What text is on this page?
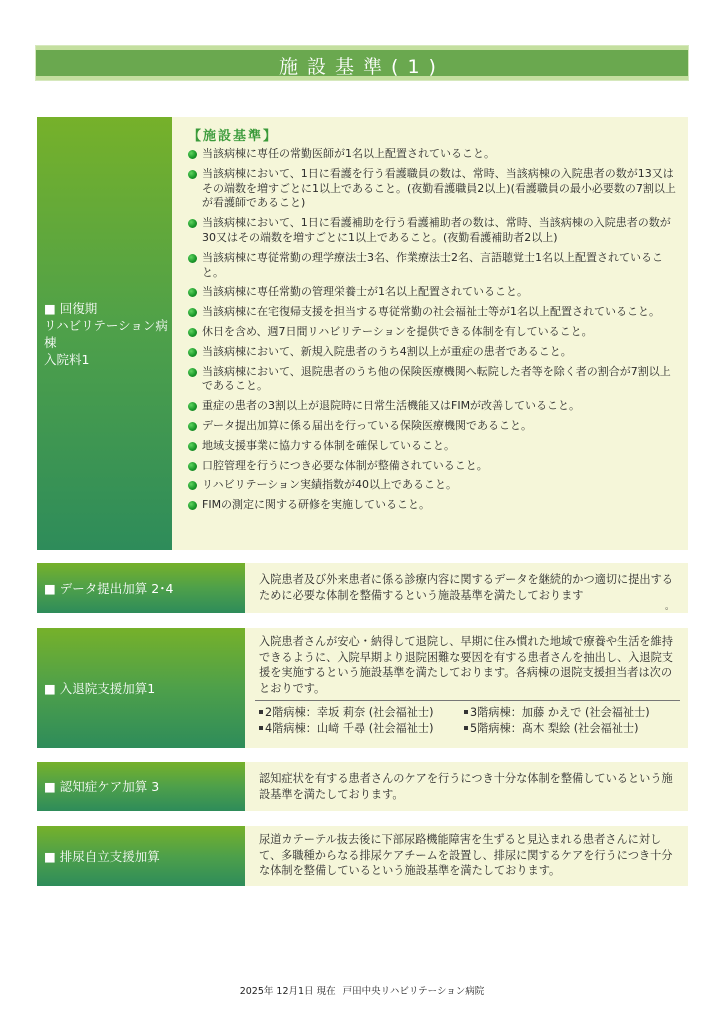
施設基準(1)
■ 回復期
リハビリテーション病棟
入院料1
【施設基準】
当該病棟に専任の常勤医師が1名以上配置されていること。
当該病棟において、1日に看護を行う看護職員の数は、常時、当該病棟の入院患者の数が13又はその端数を増すごとに1以上であること。(夜勤看護職員2以上)(看護職員の最小必要数の7割以上が看護師であること)
当該病棟において、1日に看護補助を行う看護補助者の数は、常時、当該病棟の入院患者の数が30又はその端数を増すごとに1以上であること。(夜勤看護補助者2以上)
当該病棟に専従常勤の理学療法士3名、作業療法士2名、言語聴覚士1名以上配置されていること。
当該病棟に専任常勤の管理栄養士が1名以上配置されていること。
当該病棟に在宅復帰支援を担当する専従常勤の社会福祉士等が1名以上配置されていること。
休日を含め、週7日間リハビリテーションを提供できる体制を有していること。
当該病棟において、新規入院患者のうち4割以上が重症の患者であること。
当該病棟において、退院患者のうち他の保険医療機関へ転院した者等を除く者の割合が7割以上であること。
重症の患者の3割以上が退院時に日常生活機能又はFIMが改善していること。
データ提出加算に係る届出を行っている保険医療機関であること。
地域支援事業に協力する体制を確保していること。
口腔管理を行うにつき必要な体制が整備されていること。
リハビリテーション実績指数が40以上であること。
FIMの測定に関する研修を実施していること。
■ データ提出加算 2･4
入院患者及び外来患者に係る診療内容に関するデータを継続的かつ適切に提出するために必要な体制を整備するという施設基準を満たしております
。
■ 入退院支援加算1
入院患者さんが安心・納得して退院し、早期に住み慣れた地域で療養や生活を維持できるように、入院早期より退院困難な要因を有する患者さんを抽出し、入退院支援を実施するという施設基準を満たしております。各病棟の退院支援担当者は次のとおりです。
2階病棟：幸坂 莉奈 (社会福祉士)	3階病棟：加藤 かえで (社会福祉士)
4階病棟：山﨑 千尋 (社会福祉士)	5階病棟：髙木 梨絵 (社会福祉士)
■ 認知症ケア加算 3
認知症状を有する患者さんのケアを行うにつき十分な体制を整備しているという施設基準を満たしております。
■ 排尿自立支援加算
尿道カテーテル抜去後に下部尿路機能障害を生ずると見込まれる患者さんに対して、多職種からなる排尿ケアチームを設置し、排尿に関するケアを行うにつき十分な体制を整備しているという施設基準を満たしております。
2025年 12月1日 現在 戸田中央リハビリテーション病院
